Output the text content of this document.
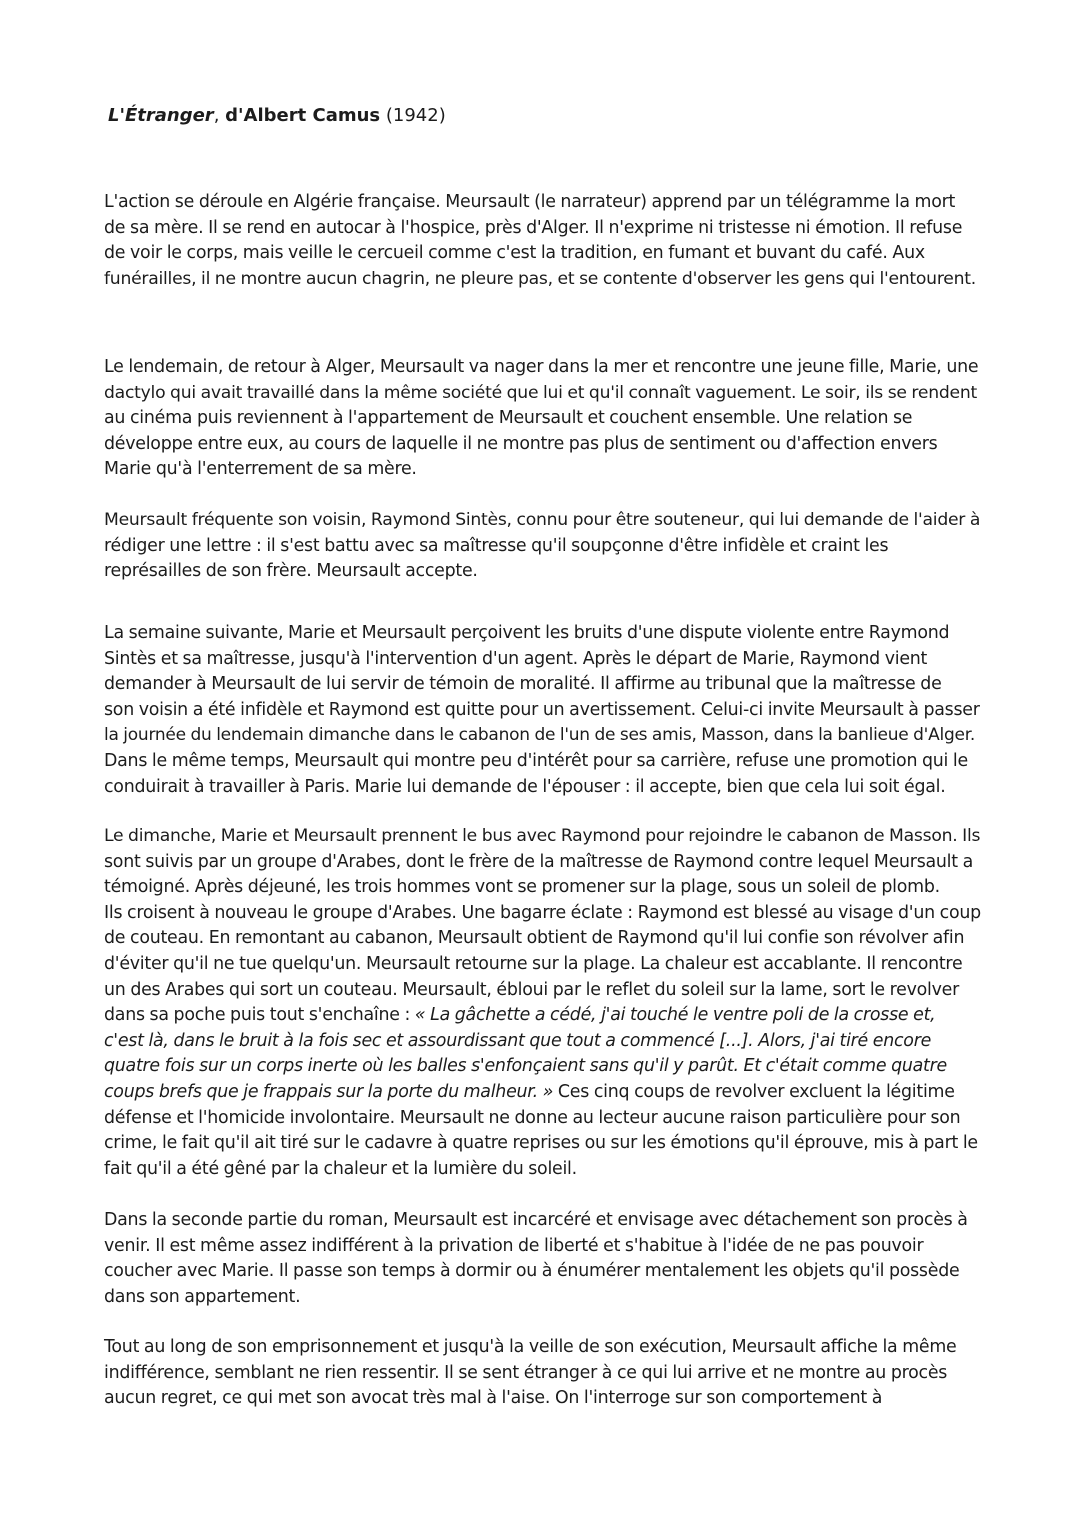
L'Étranger, d'Albert Camus (1942)
L'action se déroule en Algérie française. Meursault (le narrateur) apprend par un télégramme la mort
de sa mère. Il se rend en autocar à l'hospice, près d'Alger. Il n'exprime ni tristesse ni émotion. Il refuse
de voir le corps, mais veille le cercueil comme c'est la tradition, en fumant et buvant du café. Aux
funérailles, il ne montre aucun chagrin, ne pleure pas, et se contente d'observer les gens qui l'entourent.
Le lendemain, de retour à Alger, Meursault va nager dans la mer et rencontre une jeune fille, Marie, une
dactylo qui avait travaillé dans la même société que lui et qu'il connaît vaguement. Le soir, ils se rendent
au cinéma puis reviennent à l'appartement de Meursault et couchent ensemble. Une relation se
développe entre eux, au cours de laquelle il ne montre pas plus de sentiment ou d'affection envers
Marie qu'à l'enterrement de sa mère.
Meursault fréquente son voisin, Raymond Sintès, connu pour être souteneur, qui lui demande de l'aider à
rédiger une lettre : il s'est battu avec sa maîtresse qu'il soupçonne d'être infidèle et craint les
représailles de son frère. Meursault accepte.
La semaine suivante, Marie et Meursault perçoivent les bruits d'une dispute violente entre Raymond
Sintès et sa maîtresse, jusqu'à l'intervention d'un agent. Après le départ de Marie, Raymond vient
demander à Meursault de lui servir de témoin de moralité. Il affirme au tribunal que la maîtresse de
son voisin a été infidèle et Raymond est quitte pour un avertissement. Celui-ci invite Meursault à passer
la journée du lendemain dimanche dans le cabanon de l'un de ses amis, Masson, dans la banlieue d'Alger.
Dans le même temps, Meursault qui montre peu d'intérêt pour sa carrière, refuse une promotion qui le
conduirait à travailler à Paris. Marie lui demande de l'épouser : il accepte, bien que cela lui soit égal.
Le dimanche, Marie et Meursault prennent le bus avec Raymond pour rejoindre le cabanon de Masson. Ils
sont suivis par un groupe d'Arabes, dont le frère de la maîtresse de Raymond contre lequel Meursault a
témoigné. Après déjeuné, les trois hommes vont se promener sur la plage, sous un soleil de plomb.
Ils croisent à nouveau le groupe d'Arabes. Une bagarre éclate : Raymond est blessé au visage d'un coup
de couteau. En remontant au cabanon, Meursault obtient de Raymond qu'il lui confie son révolver afin
d'éviter qu'il ne tue quelqu'un. Meursault retourne sur la plage. La chaleur est accablante. Il rencontre
un des Arabes qui sort un couteau. Meursault, ébloui par le reflet du soleil sur la lame, sort le revolver
dans sa poche puis tout s'enchaîne : « La gâchette a cédé, j'ai touché le ventre poli de la crosse et,
c'est là, dans le bruit à la fois sec et assourdissant que tout a commencé [...]. Alors, j'ai tiré encore
quatre fois sur un corps inerte où les balles s'enfonçaient sans qu'il y parût. Et c'était comme quatre
coups brefs que je frappais sur la porte du malheur. » Ces cinq coups de revolver excluent la légitime
défense et l'homicide involontaire. Meursault ne donne au lecteur aucune raison particulière pour son
crime, le fait qu'il ait tiré sur le cadavre à quatre reprises ou sur les émotions qu'il éprouve, mis à part le
fait qu'il a été gêné par la chaleur et la lumière du soleil.
Dans la seconde partie du roman, Meursault est incarcéré et envisage avec détachement son procès à
venir. Il est même assez indifférent à la privation de liberté et s'habitue à l'idée de ne pas pouvoir
coucher avec Marie. Il passe son temps à dormir ou à énumérer mentalement les objets qu'il possède
dans son appartement.
Tout au long de son emprisonnement et jusqu'à la veille de son exécution, Meursault affiche la même
indifférence, semblant ne rien ressentir. Il se sent étranger à ce qui lui arrive et ne montre au procès
aucun regret, ce qui met son avocat très mal à l'aise. On l'interroge sur son comportement à
